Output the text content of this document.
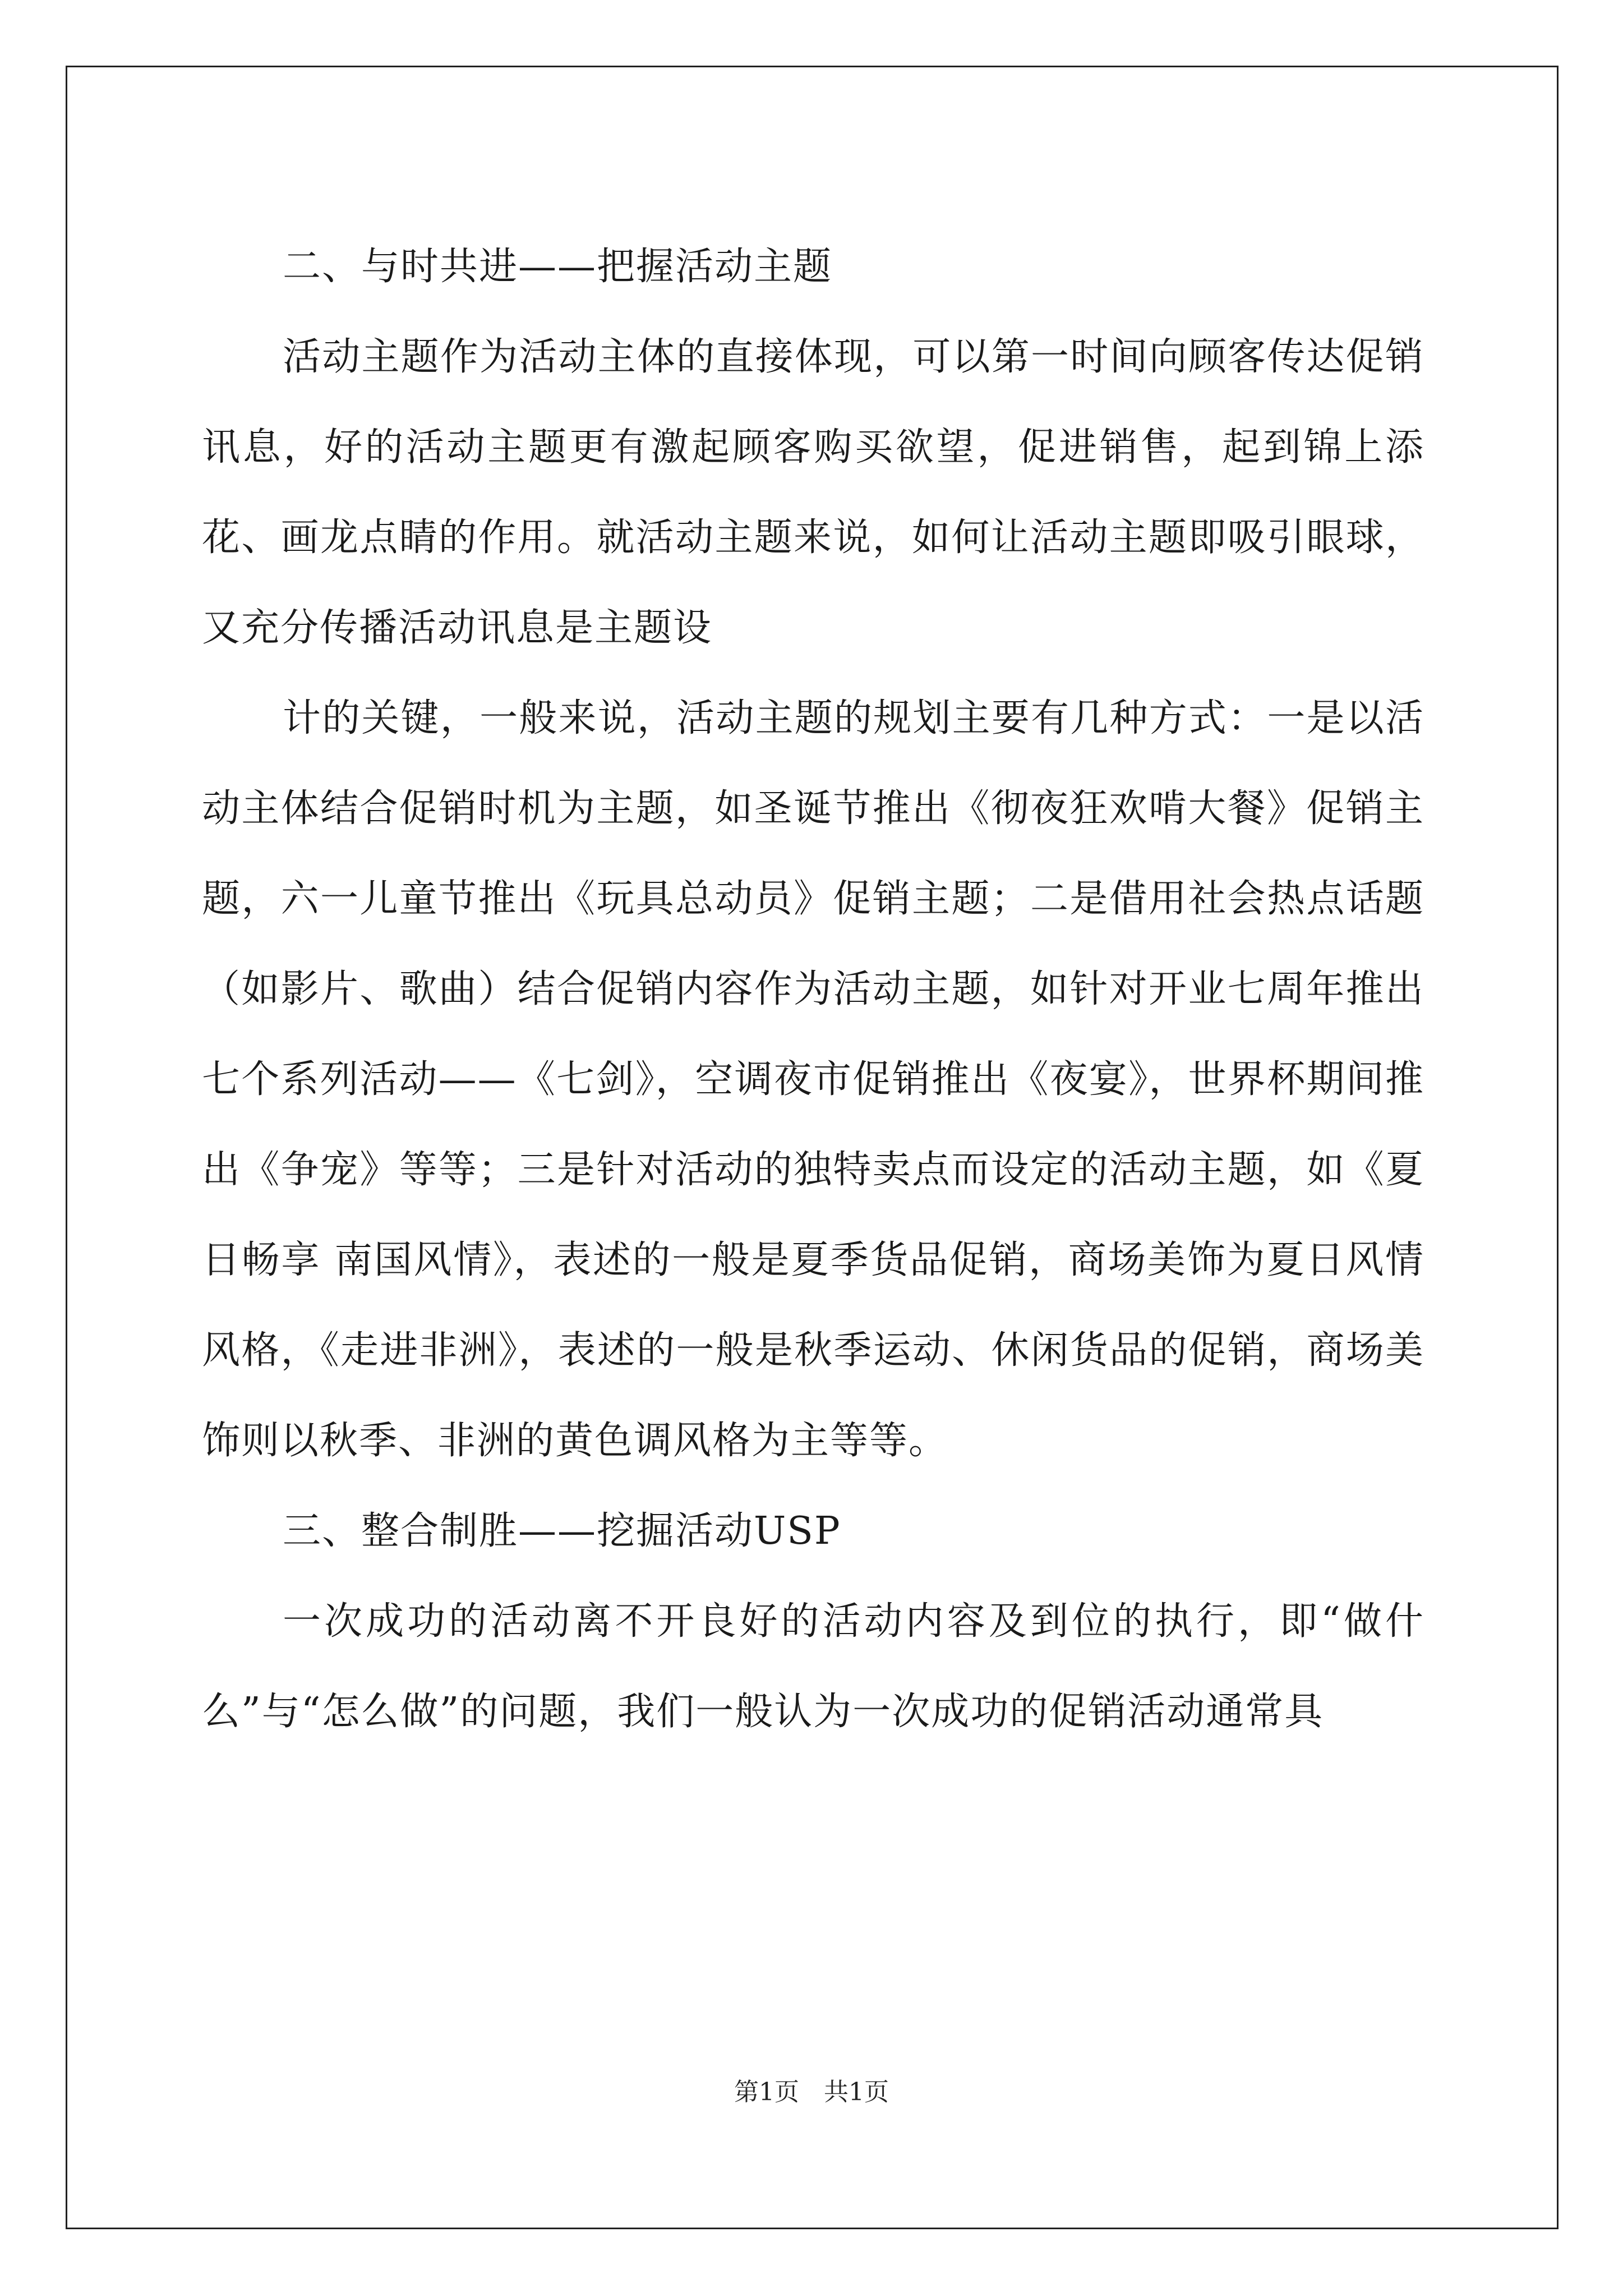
二、与时共进——把握活动主题

活动主题作为活动主体的直接体现，可以第一时间向顾客传达促销讯息，好的活动主题更有激起顾客购买欲望，促进销售，起到锦上添花、画龙点睛的作用。就活动主题来说，如何让活动主题即吸引眼球，又充分传播活动讯息是主题设

计的关键，一般来说，活动主题的规划主要有几种方式：一是以活动主体结合促销时机为主题，如圣诞节推出《彻夜狂欢啃大餐》促销主题，六一儿童节推出《玩具总动员》促销主题；二是借用社会热点话题（如影片、歌曲）结合促销内容作为活动主题，如针对开业七周年推出七个系列活动——《七剑》，空调夜市促销推出《夜宴》，世界杯期间推出《争宠》等等；三是针对活动的独特卖点而设定的活动主题，如《夏日畅享 南国风情》，表述的一般是夏季货品促销，商场美饰为夏日风情风格，《走进非洲》，表述的一般是秋季运动、休闲货品的促销，商场美饰则以秋季、非洲的黄色调风格为主等等。

三、整合制胜——挖掘活动USP

一次成功的活动离不开良好的活动内容及到位的执行，即“做什么”与“怎么做”的问题，我们一般认为一次成功的促销活动通常具

第1页　共1页
